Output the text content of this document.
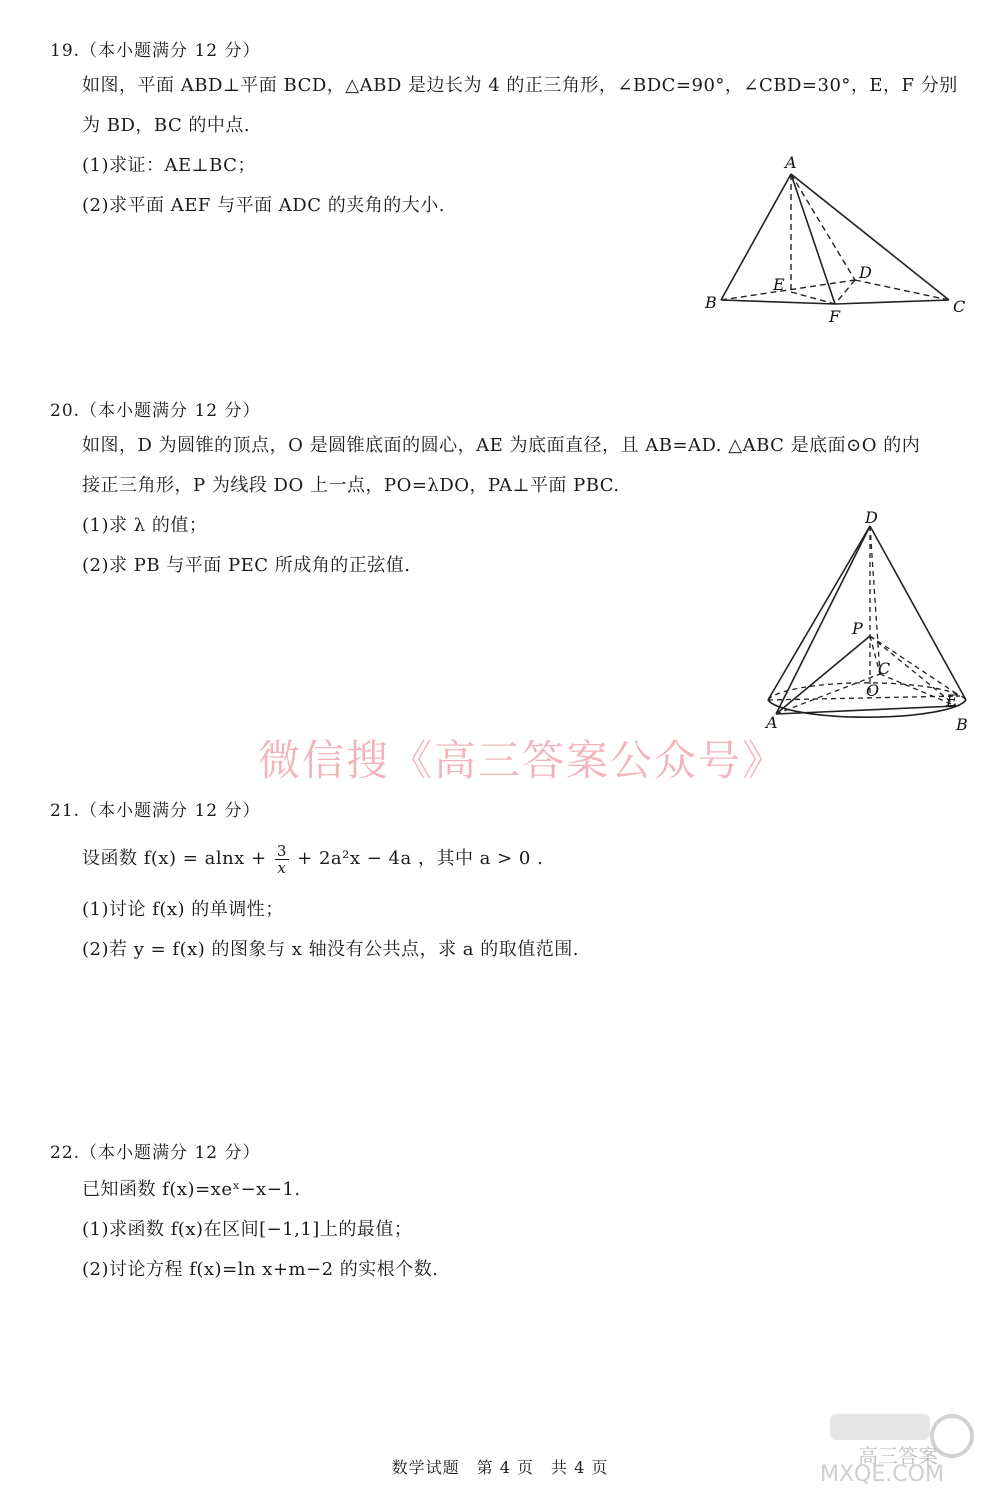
19.（本小题满分 12 分）
如图，平面 ABD⊥平面 BCD，△ABD 是边长为 4 的正三角形，∠BDC=90°，∠CBD=30°，E，F 分别
为 BD，BC 的中点.
(1)求证：AE⊥BC；
(2)求平面 AEF 与平面 ADC 的夹角的大小.
A
B	C
D
E
F
20.（本小题满分 12 分）
如图，D 为圆锥的顶点，O 是圆锥底面的圆心，AE 为底面直径，且 AB=AD. △ABC 是底面⊙O 的内
接正三角形，P 为线段 DO 上一点，PO=λDO，PA⊥平面 PBC.
(1)求 λ 的值；
(2)求 PB 与平面 PEC 所成角的正弦值.
D
P
C
O
E
A	B
微信搜《高三答案公众号》
21.（本小题满分 12 分）
设函数 $f(x) = alnx + \frac{3}{x} + 2a^2x - 4a$ ，其中 a > 0 .
(1)讨论 f(x) 的单调性；
(2)若 y = f(x) 的图象与 x 轴没有公共点，求 a 的取值范围.
22.（本小题满分 12 分）
已知函数 f(x)=xeˣ−x−1.
(1)求函数 f(x)在区间[−1,1]上的最值；
(2)讨论方程 f(x)=ln x+m−2 的实根个数.
数学试题　第 4 页　共 4 页	高三答案
MXQE.COM
